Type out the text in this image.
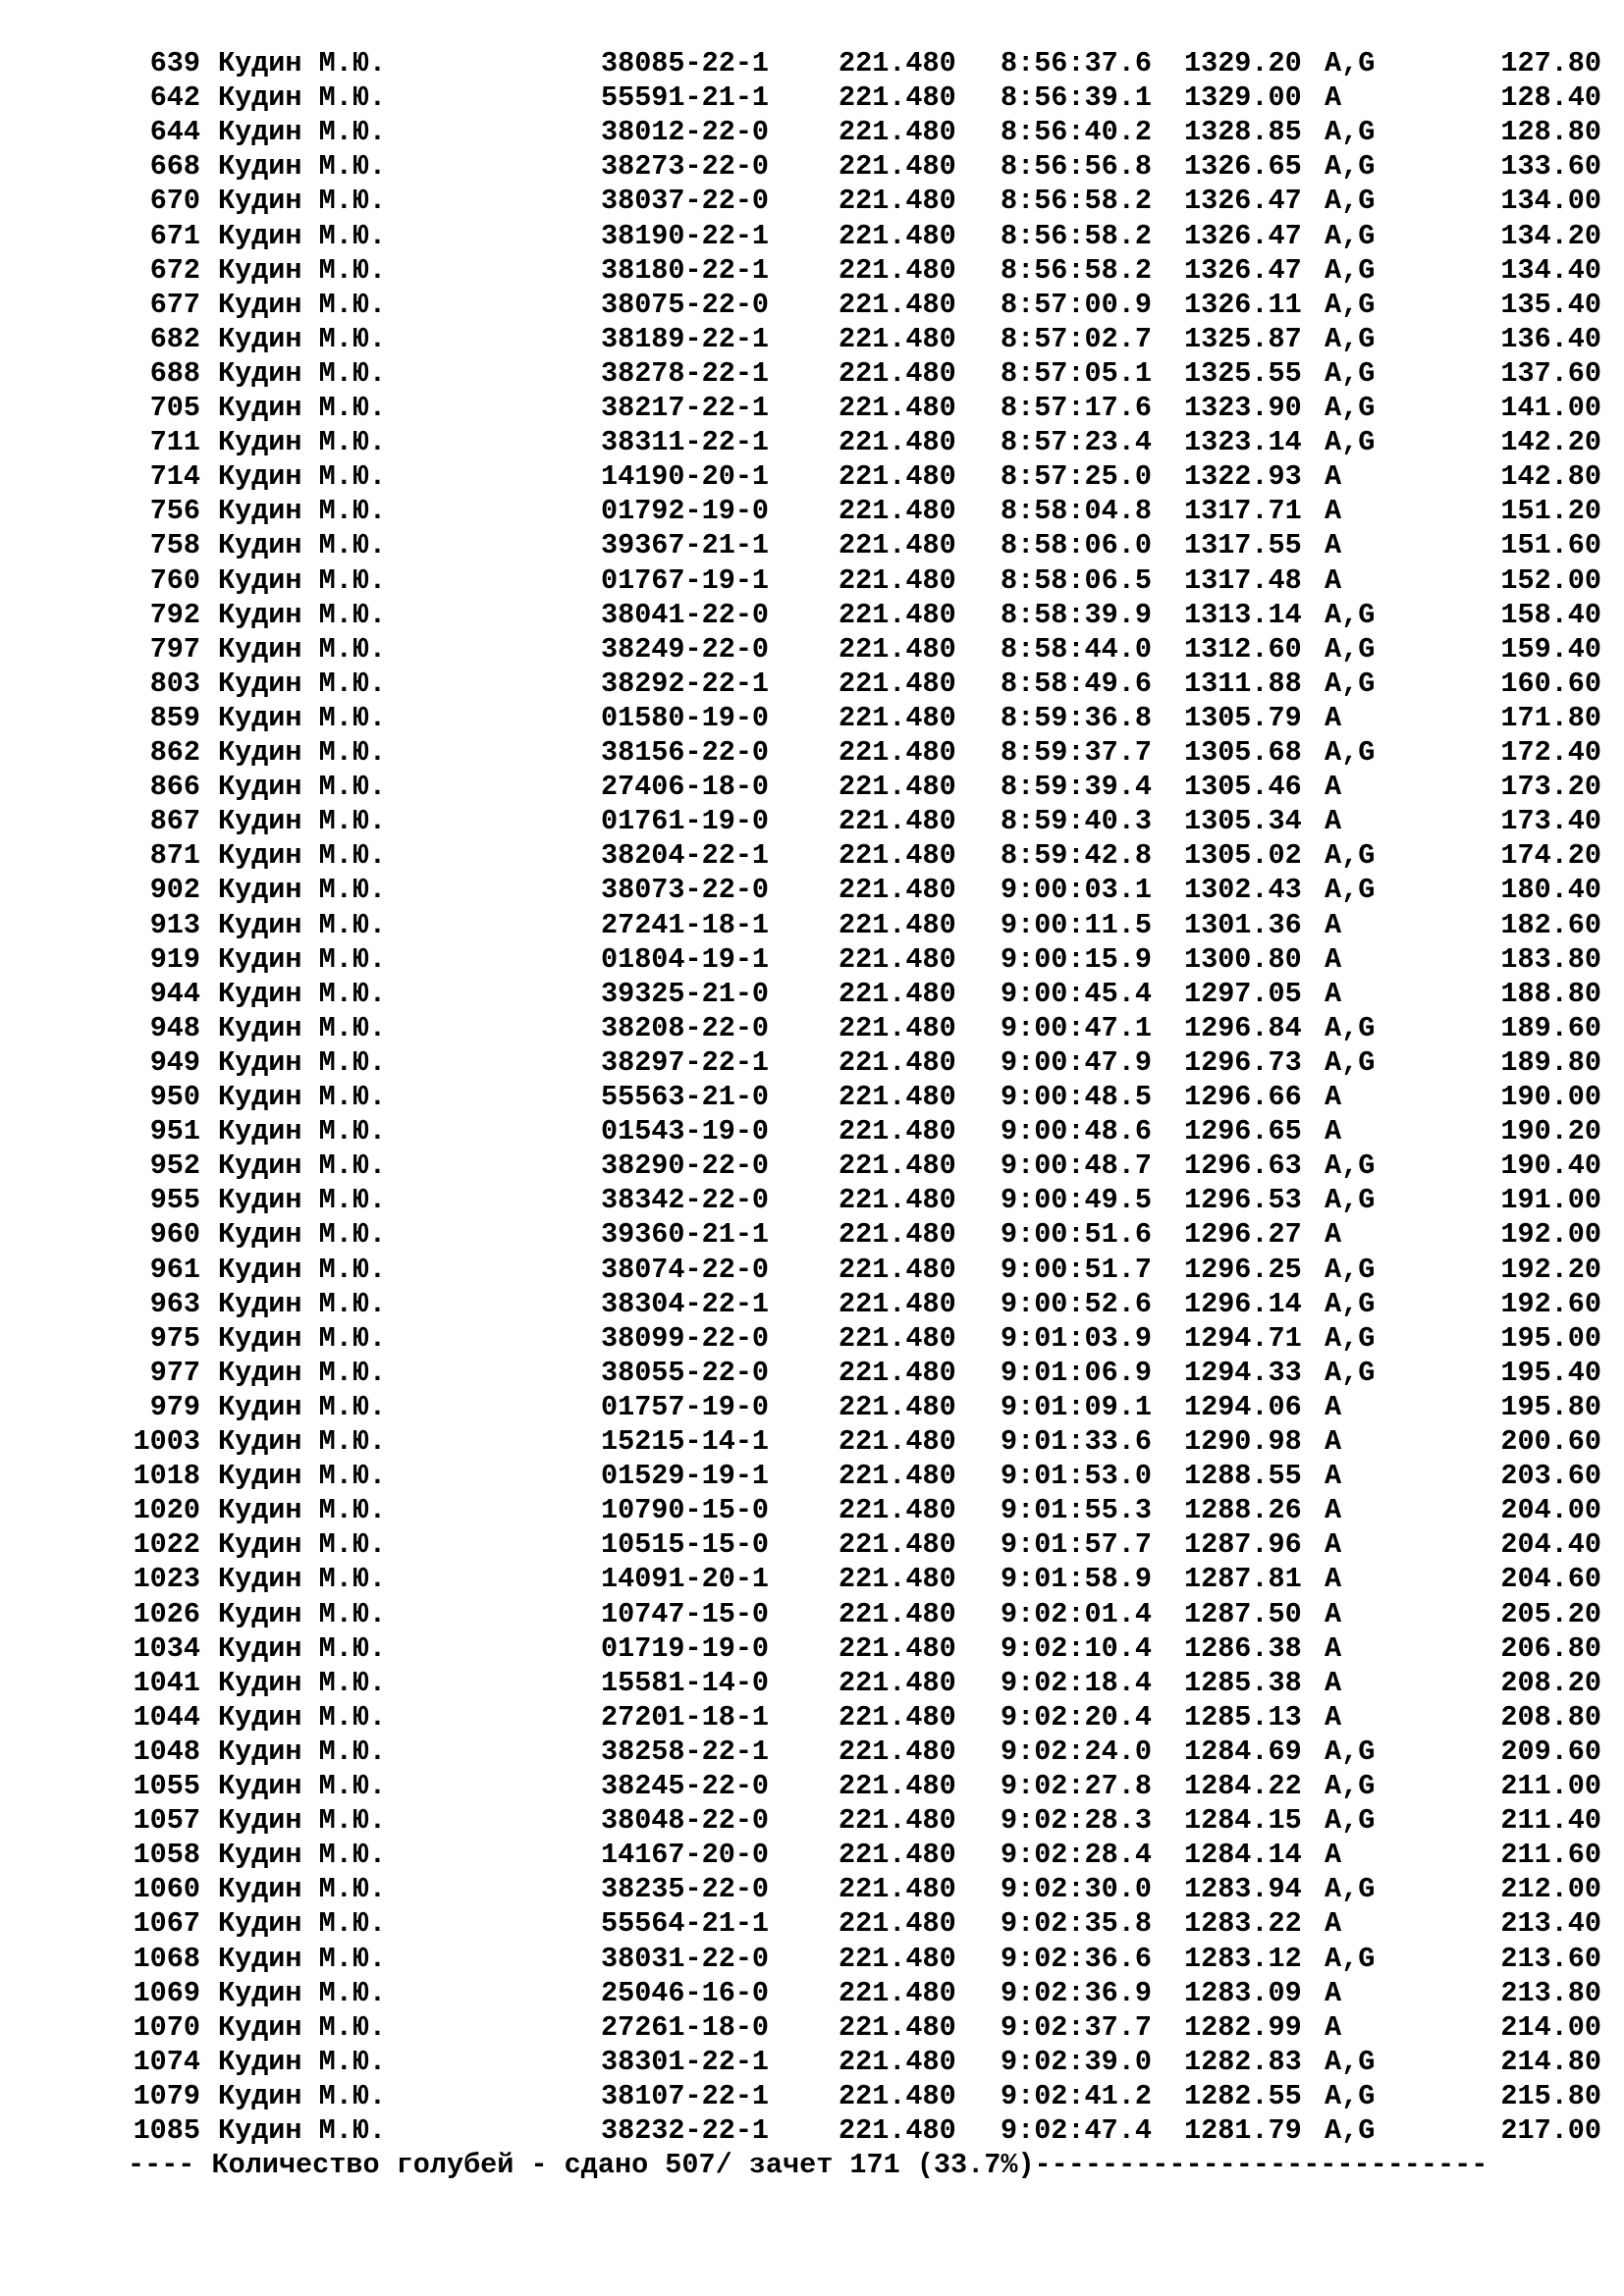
639 Кудин М.Ю.	38085-22-1 221.480 8:56:37.6 1329.20 A,G	127.80
642 Кудин М.Ю.	55591-21-1 221.480 8:56:39.1 1329.00 A	128.40
644 Кудин М.Ю.	38012-22-0 221.480 8:56:40.2 1328.85 A,G	128.80
668 Кудин М.Ю.	38273-22-0 221.480 8:56:56.8 1326.65 A,G	133.60
670 Кудин М.Ю.	38037-22-0 221.480 8:56:58.2 1326.47 A,G	134.00
671 Кудин М.Ю.	38190-22-1 221.480 8:56:58.2 1326.47 A,G	134.20
672 Кудин М.Ю.	38180-22-1 221.480 8:56:58.2 1326.47 A,G	134.40
677 Кудин М.Ю.	38075-22-0 221.480 8:57:00.9 1326.11 A,G	135.40
682 Кудин М.Ю.	38189-22-1 221.480 8:57:02.7 1325.87 A,G	136.40
688 Кудин М.Ю.	38278-22-1 221.480 8:57:05.1 1325.55 A,G	137.60
705 Кудин М.Ю.	38217-22-1 221.480 8:57:17.6 1323.90 A,G	141.00
711 Кудин М.Ю.	38311-22-1 221.480 8:57:23.4 1323.14 A,G	142.20
714 Кудин М.Ю.	14190-20-1 221.480 8:57:25.0 1322.93 A	142.80
756 Кудин М.Ю.	01792-19-0 221.480 8:58:04.8 1317.71 A	151.20
758 Кудин М.Ю.	39367-21-1 221.480 8:58:06.0 1317.55 A	151.60
760 Кудин М.Ю.	01767-19-1 221.480 8:58:06.5 1317.48 A	152.00
792 Кудин М.Ю.	38041-22-0 221.480 8:58:39.9 1313.14 A,G	158.40
797 Кудин М.Ю.	38249-22-0 221.480 8:58:44.0 1312.60 A,G	159.40
803 Кудин М.Ю.	38292-22-1 221.480 8:58:49.6 1311.88 A,G	160.60
859 Кудин М.Ю.	01580-19-0 221.480 8:59:36.8 1305.79 A	171.80
862 Кудин М.Ю.	38156-22-0 221.480 8:59:37.7 1305.68 A,G	172.40
866 Кудин М.Ю.	27406-18-0 221.480 8:59:39.4 1305.46 A	173.20
867 Кудин М.Ю.	01761-19-0 221.480 8:59:40.3 1305.34 A	173.40
871 Кудин М.Ю.	38204-22-1 221.480 8:59:42.8 1305.02 A,G	174.20
902 Кудин М.Ю.	38073-22-0 221.480 9:00:03.1 1302.43 A,G	180.40
913 Кудин М.Ю.	27241-18-1 221.480 9:00:11.5 1301.36 A	182.60
919 Кудин М.Ю.	01804-19-1 221.480 9:00:15.9 1300.80 A	183.80
944 Кудин М.Ю.	39325-21-0 221.480 9:00:45.4 1297.05 A	188.80
948 Кудин М.Ю.	38208-22-0 221.480 9:00:47.1 1296.84 A,G	189.60
949 Кудин М.Ю.	38297-22-1 221.480 9:00:47.9 1296.73 A,G	189.80
950 Кудин М.Ю.	55563-21-0 221.480 9:00:48.5 1296.66 A	190.00
951 Кудин М.Ю.	01543-19-0 221.480 9:00:48.6 1296.65 A	190.20
952 Кудин М.Ю.	38290-22-0 221.480 9:00:48.7 1296.63 A,G	190.40
955 Кудин М.Ю.	38342-22-0 221.480 9:00:49.5 1296.53 A,G	191.00
960 Кудин М.Ю.	39360-21-1 221.480 9:00:51.6 1296.27 A	192.00
961 Кудин М.Ю.	38074-22-0 221.480 9:00:51.7 1296.25 A,G	192.20
963 Кудин М.Ю.	38304-22-1 221.480 9:00:52.6 1296.14 A,G	192.60
975 Кудин М.Ю.	38099-22-0 221.480 9:01:03.9 1294.71 A,G	195.00
977 Кудин М.Ю.	38055-22-0 221.480 9:01:06.9 1294.33 A,G	195.40
979 Кудин М.Ю.	01757-19-0 221.480 9:01:09.1 1294.06 A	195.80
1003 Кудин М.Ю.	15215-14-1 221.480 9:01:33.6 1290.98 A	200.60
1018 Кудин М.Ю.	01529-19-1 221.480 9:01:53.0 1288.55 A	203.60
1020 Кудин М.Ю.	10790-15-0 221.480 9:01:55.3 1288.26 A	204.00
1022 Кудин М.Ю.	10515-15-0 221.480 9:01:57.7 1287.96 A	204.40
1023 Кудин М.Ю.	14091-20-1 221.480 9:01:58.9 1287.81 A	204.60
1026 Кудин М.Ю.	10747-15-0 221.480 9:02:01.4 1287.50 A	205.20
1034 Кудин М.Ю.	01719-19-0 221.480 9:02:10.4 1286.38 A	206.80
1041 Кудин М.Ю.	15581-14-0 221.480 9:02:18.4 1285.38 A	208.20
1044 Кудин М.Ю.	27201-18-1 221.480 9:02:20.4 1285.13 A	208.80
1048 Кудин М.Ю.	38258-22-1 221.480 9:02:24.0 1284.69 A,G	209.60
1055 Кудин М.Ю.	38245-22-0 221.480 9:02:27.8 1284.22 A,G	211.00
1057 Кудин М.Ю.	38048-22-0 221.480 9:02:28.3 1284.15 A,G	211.40
1058 Кудин М.Ю.	14167-20-0 221.480 9:02:28.4 1284.14 A	211.60
1060 Кудин М.Ю.	38235-22-0 221.480 9:02:30.0 1283.94 A,G	212.00
1067 Кудин М.Ю.	55564-21-1 221.480 9:02:35.8 1283.22 A	213.40
1068 Кудин М.Ю.	38031-22-0 221.480 9:02:36.6 1283.12 A,G	213.60
1069 Кудин М.Ю.	25046-16-0 221.480 9:02:36.9 1283.09 A	213.80
1070 Кудин М.Ю.	27261-18-0 221.480 9:02:37.7 1282.99 A	214.00
1074 Кудин М.Ю.	38301-22-1 221.480 9:02:39.0 1282.83 A,G	214.80
1079 Кудин М.Ю.	38107-22-1 221.480 9:02:41.2 1282.55 A,G	215.80
1085 Кудин М.Ю.	38232-22-1 221.480 9:02:47.4 1281.79 A,G	217.00
---- Количество голубей - сдано 507/ зачет 171 (33.7%)---------------------------
